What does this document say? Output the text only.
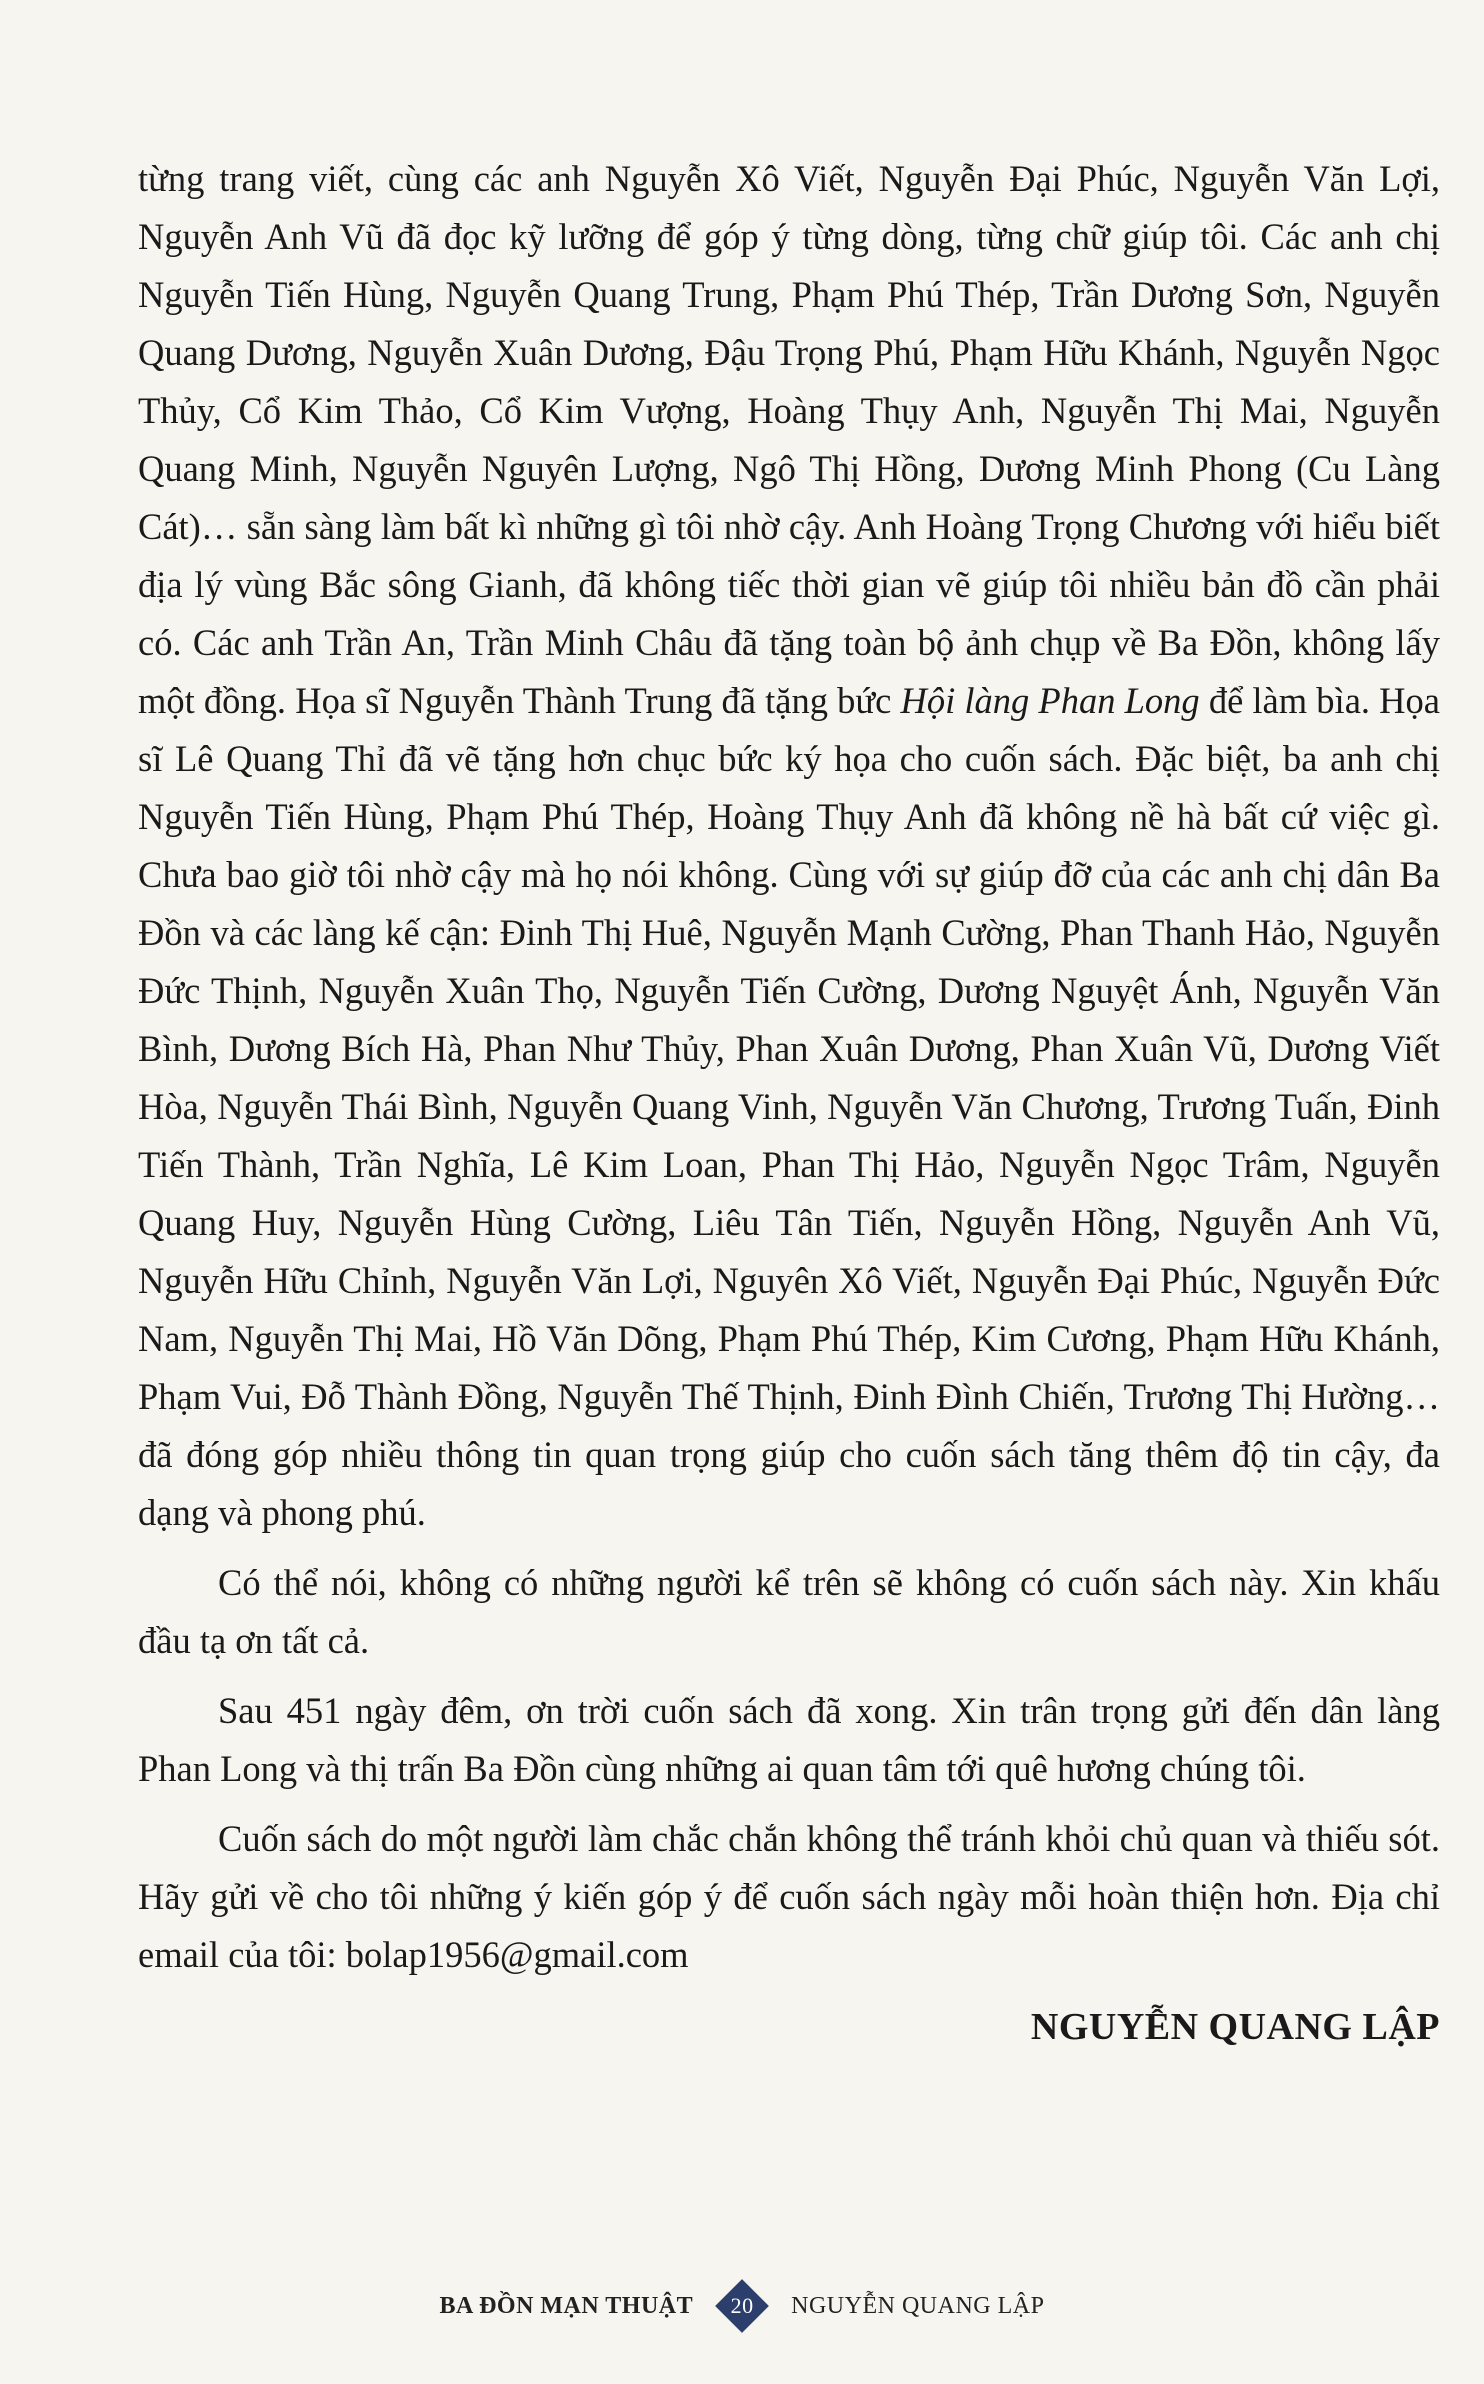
từng trang viết, cùng các anh Nguyễn Xô Viết, Nguyễn Đại Phúc, Nguyễn Văn Lợi, Nguyễn Anh Vũ đã đọc kỹ lưỡng để góp ý từng dòng, từng chữ giúp tôi. Các anh chị Nguyễn Tiến Hùng, Nguyễn Quang Trung, Phạm Phú Thép, Trần Dương Sơn, Nguyễn Quang Dương, Nguyễn Xuân Dương, Đậu Trọng Phú, Phạm Hữu Khánh, Nguyễn Ngọc Thủy, Cổ Kim Thảo, Cổ Kim Vượng, Hoàng Thụy Anh, Nguyễn Thị Mai, Nguyễn Quang Minh, Nguyễn Nguyên Lượng, Ngô Thị Hồng, Dương Minh Phong (Cu Làng Cát)… sẵn sàng làm bất kì những gì tôi nhờ cậy. Anh Hoàng Trọng Chương với hiểu biết địa lý vùng Bắc sông Gianh, đã không tiếc thời gian vẽ giúp tôi nhiều bản đồ cần phải có. Các anh Trần An, Trần Minh Châu đã tặng toàn bộ ảnh chụp về Ba Đồn, không lấy một đồng. Họa sĩ Nguyễn Thành Trung đã tặng bức Hội làng Phan Long để làm bìa. Họa sĩ Lê Quang Thỉ đã vẽ tặng hơn chục bức ký họa cho cuốn sách. Đặc biệt, ba anh chị Nguyễn Tiến Hùng, Phạm Phú Thép, Hoàng Thụy Anh đã không nề hà bất cứ việc gì. Chưa bao giờ tôi nhờ cậy mà họ nói không. Cùng với sự giúp đỡ của các anh chị dân Ba Đồn và các làng kế cận: Đinh Thị Huê, Nguyễn Mạnh Cường, Phan Thanh Hảo, Nguyễn Đức Thịnh, Nguyễn Xuân Thọ, Nguyễn Tiến Cường, Dương Nguyệt Ánh, Nguyễn Văn Bình, Dương Bích Hà, Phan Như Thủy, Phan Xuân Dương, Phan Xuân Vũ, Dương Viết Hòa, Nguyễn Thái Bình, Nguyễn Quang Vinh, Nguyễn Văn Chương, Trương Tuấn, Đinh Tiến Thành, Trần Nghĩa, Lê Kim Loan, Phan Thị Hảo, Nguyễn Ngọc Trâm, Nguyễn Quang Huy, Nguyễn Hùng Cường, Liêu Tân Tiến, Nguyễn Hồng, Nguyễn Anh Vũ, Nguyễn Hữu Chỉnh, Nguyễn Văn Lợi, Nguyên Xô Viết, Nguyễn Đại Phúc, Nguyễn Đức Nam, Nguyễn Thị Mai, Hồ Văn Dõng, Phạm Phú Thép, Kim Cương, Phạm Hữu Khánh, Phạm Vui, Đỗ Thành Đồng, Nguyễn Thế Thịnh, Đinh Đình Chiến, Trương Thị Hường… đã đóng góp nhiều thông tin quan trọng giúp cho cuốn sách tăng thêm độ tin cậy, đa dạng và phong phú.

Có thể nói, không có những người kể trên sẽ không có cuốn sách này. Xin khấu đầu tạ ơn tất cả.

Sau 451 ngày đêm, ơn trời cuốn sách đã xong. Xin trân trọng gửi đến dân làng Phan Long và thị trấn Ba Đồn cùng những ai quan tâm tới quê hương chúng tôi.

Cuốn sách do một người làm chắc chắn không thể tránh khỏi chủ quan và thiếu sót. Hãy gửi về cho tôi những ý kiến góp ý để cuốn sách ngày mỗi hoàn thiện hơn. Địa chỉ email của tôi: bolap1956@gmail.com

NGUYỄN QUANG LẬP
BA ĐỒN MẠN THUẬT 20 NGUYỄN QUANG LẬP
